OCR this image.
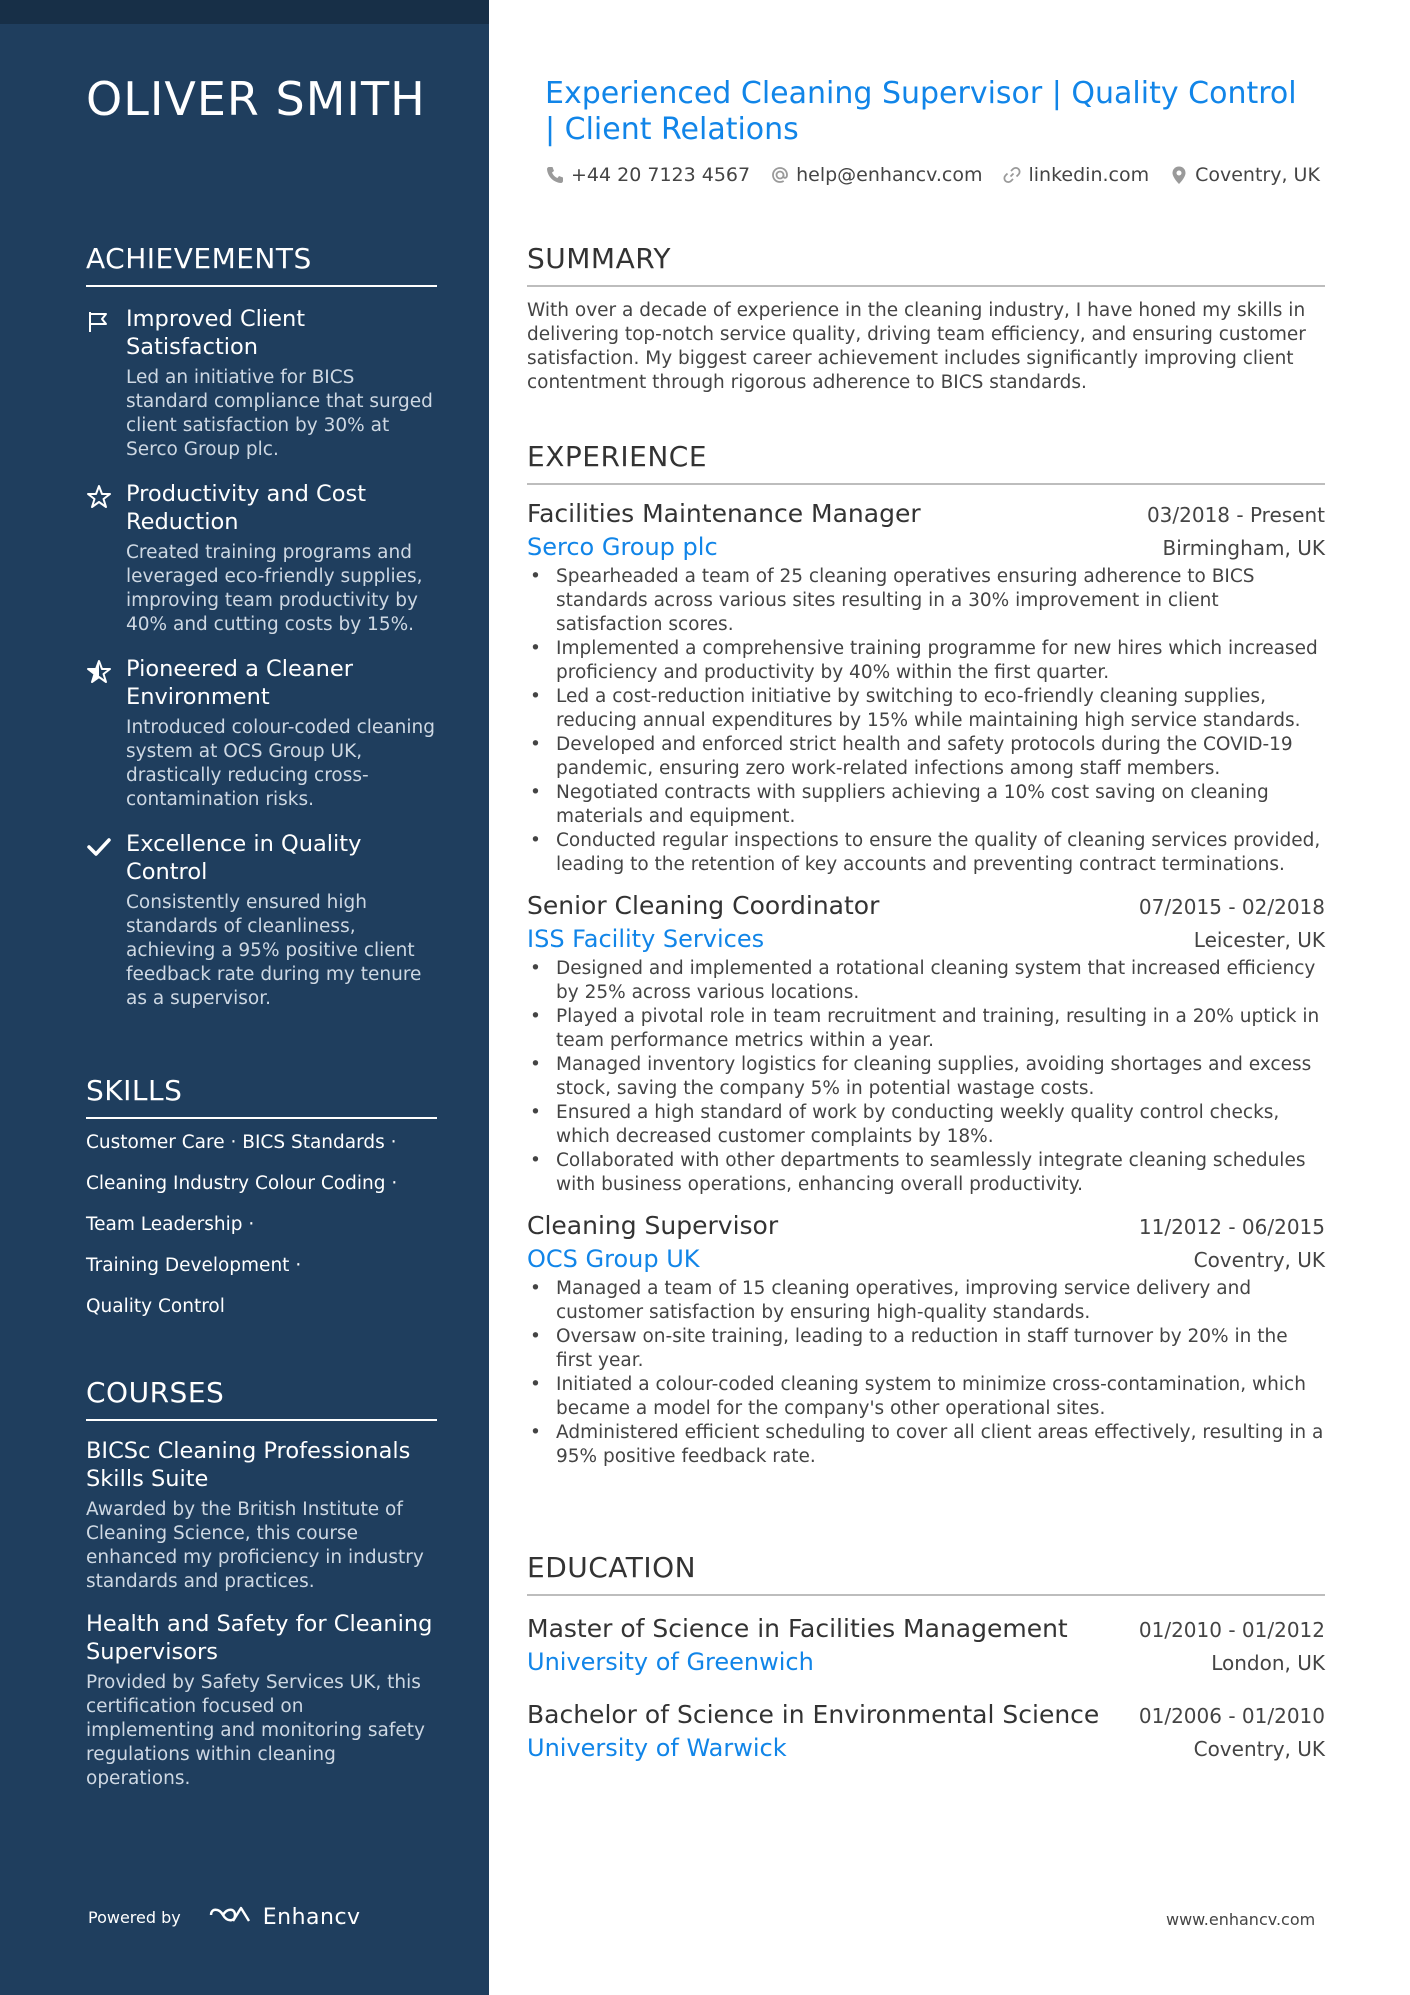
OLIVER SMITH
ACHIEVEMENTS
Improved Client Satisfaction
Led an initiative for BICS standard compliance that surged client satisfaction by 30% at Serco Group plc.
Productivity and Cost Reduction
Created training programs and leveraged eco-friendly supplies, improving team productivity by 40% and cutting costs by 15%.
Pioneered a Cleaner Environment
Introduced colour-coded cleaning system at OCS Group UK, drastically reducing cross-contamination risks.
Excellence in Quality Control
Consistently ensured high standards of cleanliness, achieving a 95% positive client feedback rate during my tenure as a supervisor.
SKILLS
Customer Care · BICS Standards ·
Cleaning Industry Colour Coding ·
Team Leadership ·
Training Development ·
Quality Control
COURSES
BICSc Cleaning Professionals Skills Suite
Awarded by the British Institute of Cleaning Science, this course enhanced my proficiency in industry standards and practices.
Health and Safety for Cleaning Supervisors
Provided by Safety Services UK, this certification focused on implementing and monitoring safety regulations within cleaning operations.
Powered by	Enhancv
Experienced Cleaning Supervisor | Quality Control | Client Relations
+44 20 7123 4567 help@enhancv.com linkedin.com Coventry, UK
SUMMARY
With over a decade of experience in the cleaning industry, I have honed my skills in delivering top-notch service quality, driving team efficiency, and ensuring customer satisfaction. My biggest career achievement includes significantly improving client contentment through rigorous adherence to BICS standards.
EXPERIENCE
Facilities Maintenance Manager	03/2018 - Present
Serco Group plc	Birmingham, UK
• Spearheaded a team of 25 cleaning operatives ensuring adherence to BICS standards across various sites resulting in a 30% improvement in client satisfaction scores.
• Implemented a comprehensive training programme for new hires which increased proficiency and productivity by 40% within the first quarter.
• Led a cost-reduction initiative by switching to eco-friendly cleaning supplies, reducing annual expenditures by 15% while maintaining high service standards.
• Developed and enforced strict health and safety protocols during the COVID-19 pandemic, ensuring zero work-related infections among staff members.
• Negotiated contracts with suppliers achieving a 10% cost saving on cleaning materials and equipment.
• Conducted regular inspections to ensure the quality of cleaning services provided, leading to the retention of key accounts and preventing contract terminations.
Senior Cleaning Coordinator	07/2015 - 02/2018
ISS Facility Services	Leicester, UK
• Designed and implemented a rotational cleaning system that increased efficiency by 25% across various locations.
• Played a pivotal role in team recruitment and training, resulting in a 20% uptick in team performance metrics within a year.
• Managed inventory logistics for cleaning supplies, avoiding shortages and excess stock, saving the company 5% in potential wastage costs.
• Ensured a high standard of work by conducting weekly quality control checks, which decreased customer complaints by 18%.
• Collaborated with other departments to seamlessly integrate cleaning schedules with business operations, enhancing overall productivity.
Cleaning Supervisor	11/2012 - 06/2015
OCS Group UK	Coventry, UK
• Managed a team of 15 cleaning operatives, improving service delivery and customer satisfaction by ensuring high-quality standards.
• Oversaw on-site training, leading to a reduction in staff turnover by 20% in the first year.
• Initiated a colour-coded cleaning system to minimize cross-contamination, which became a model for the company's other operational sites.
• Administered efficient scheduling to cover all client areas effectively, resulting in a 95% positive feedback rate.
EDUCATION
Master of Science in Facilities Management	01/2010 - 01/2012
University of Greenwich	London, UK
Bachelor of Science in Environmental Science 01/2006 - 01/2010
University of Warwick	Coventry, UK
www.enhancv.com
